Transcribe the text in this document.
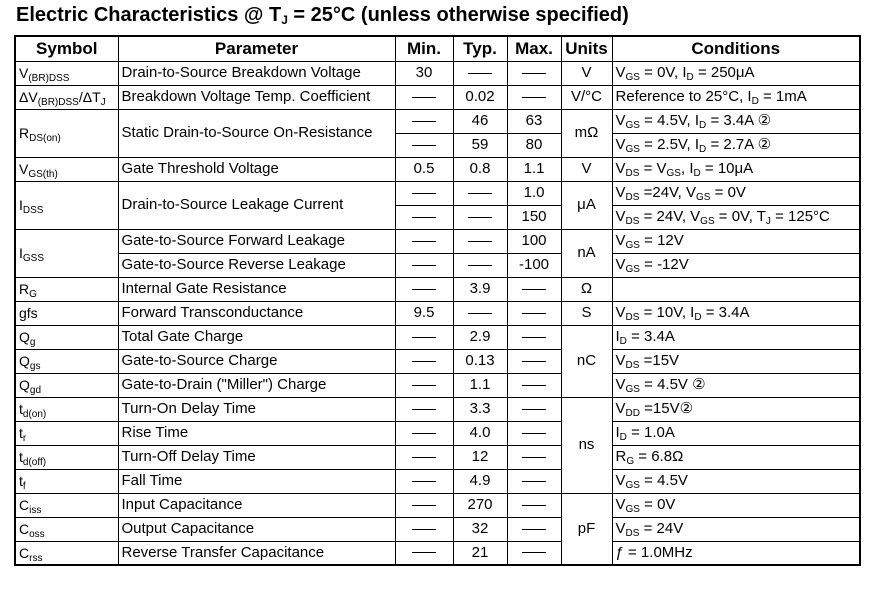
Electric Characteristics @ $T_J = 25^\circ C$ (unless otherwise specified)
Symbol	Parameter	Min.	Typ.	Max.	Units	Conditions
$V_{(BR)DSS}$	Drain-to-Source Breakdown Voltage	30			V	$V_{GS} = 0V$, $I_D = 250\mu A$
$\Delta V_{(BR)DSS}/\Delta T_J$	Breakdown Voltage Temp. Coefficient		0.02		V/°C	Reference to 25°C, $I_D = 1mA$
$R_{DS(on)}$	Static Drain-to-Source On-Resistance		46	63	mΩ	$V_{GS} = 4.5V$, $I_D = 3.4A$ ②
			59	80		$V_{GS} = 2.5V$, $I_D = 2.7A$ ②
$V_{GS(th)}$	Gate Threshold Voltage	0.5	0.8	1.1	V	$V_{DS} = V_{GS}$, $I_D = 10\mu A$
$I_{DSS}$	Drain-to-Source Leakage Current			1.0	μA	$V_{DS} =24V$, $V_{GS} = 0V$
				150		$V_{DS} = 24V$, $V_{GS} = 0V$, $T_J = 125^\circ C$
$I_{GSS}$	Gate-to-Source Forward Leakage			100	nA	$V_{GS} = 12V$
	Gate-to-Source Reverse Leakage			-100		$V_{GS} = -12V$
$R_G$	Internal Gate Resistance		3.9		Ω	
gfs	Forward Transconductance	9.5			S	$V_{DS} = 10V$, $I_D = 3.4A$
$Q_g$	Total Gate Charge		2.9		nC	$I_D = 3.4A$
$Q_{gs}$	Gate-to-Source Charge		0.13			$V_{DS} =15V$
$Q_{gd}$	Gate-to-Drain ("Miller") Charge		1.1			$V_{GS} = 4.5V$ ②
$t_{d(on)}$	Turn-On Delay Time		3.3		ns	$V_{DD}$ =15V②
$t_r$	Rise Time		4.0			$I_D = 1.0A$
$t_{d(off)}$	Turn-Off Delay Time		12			$R_G = 6.8\Omega$
$t_f$	Fall Time		4.9			$V_{GS} = 4.5V$
$C_{iss}$	Input Capacitance		270		pF	$V_{GS} = 0V$
$C_{oss}$	Output Capacitance		32			$V_{DS} = 24V$
$C_{rss}$	Reverse Transfer Capacitance		21			ƒ = 1.0MHz
